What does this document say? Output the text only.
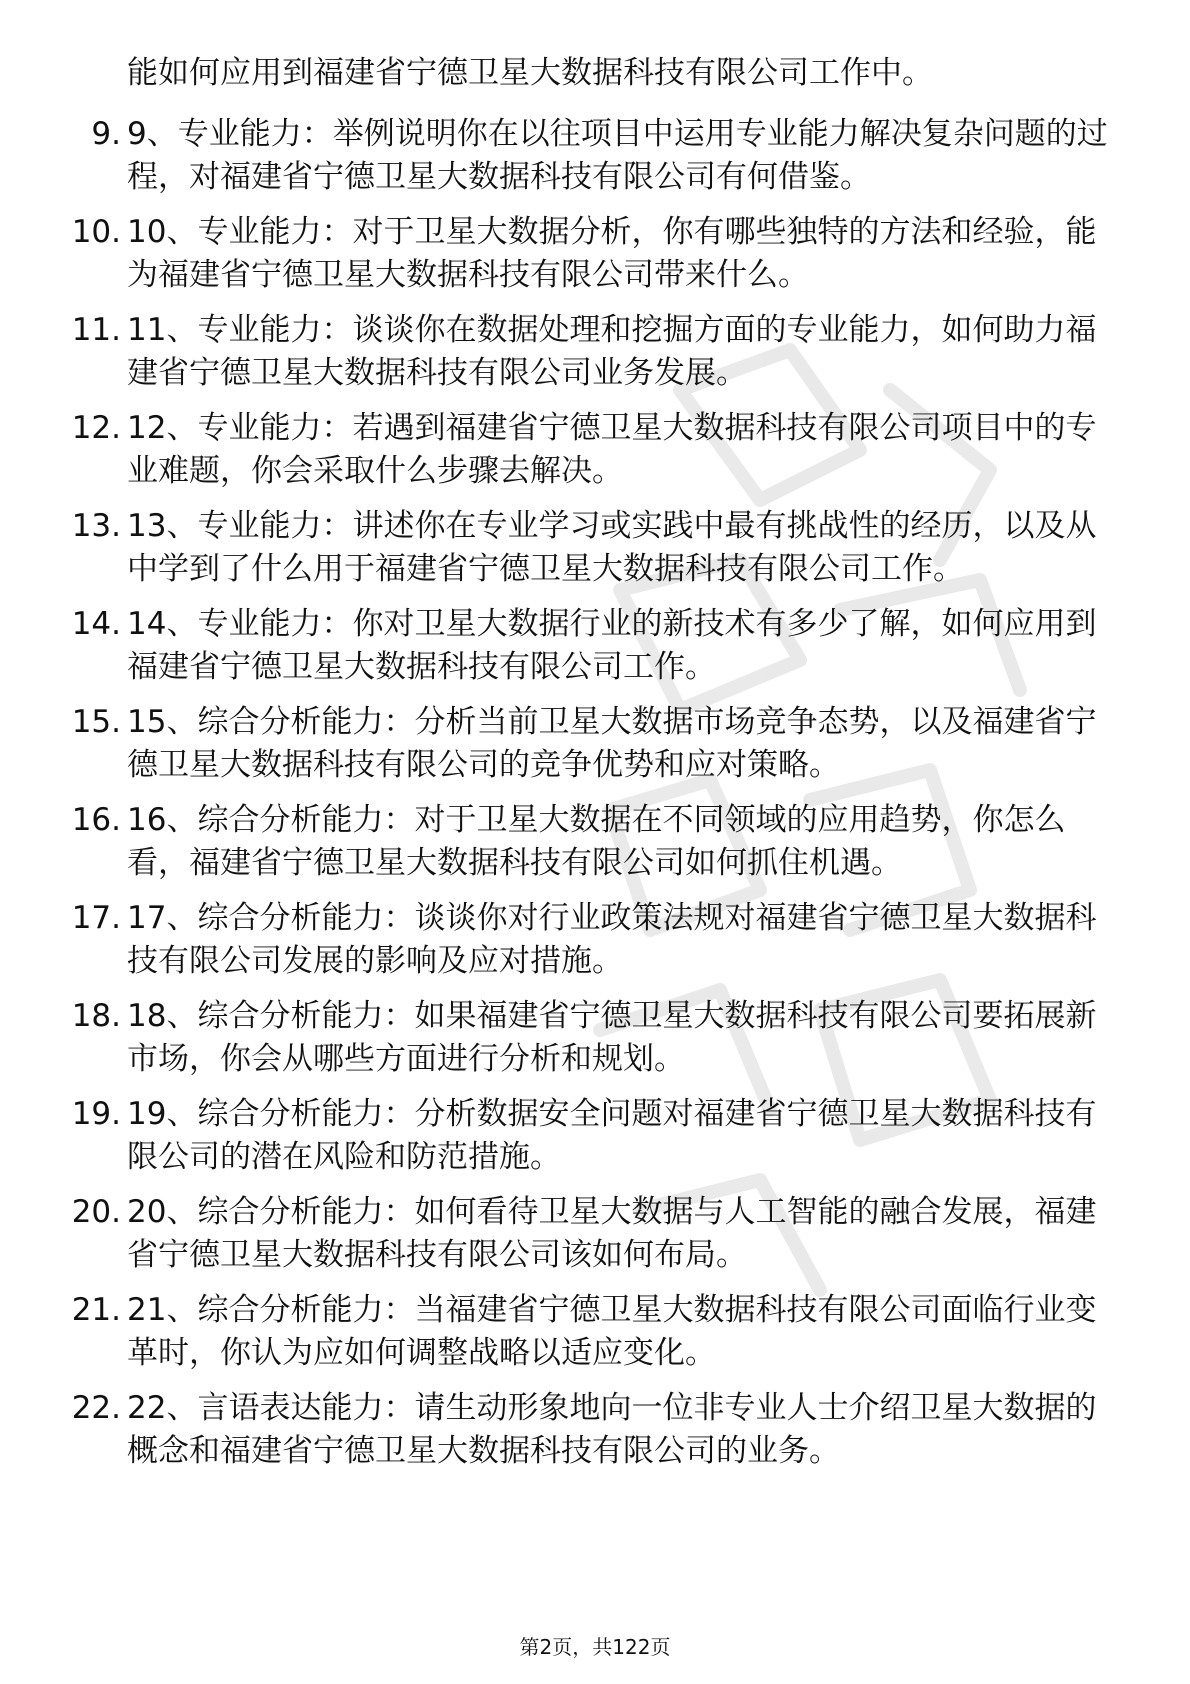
能如何应用到福建省宁德卫星大数据科技有限公司工作中。
9. 9、专业能力：举例说明你在以往项目中运用专业能力解决复杂问题的过程，对福建省宁德卫星大数据科技有限公司有何借鉴。
10. 10、专业能力：对于卫星大数据分析，你有哪些独特的方法和经验，能为福建省宁德卫星大数据科技有限公司带来什么。
11. 11、专业能力：谈谈你在数据处理和挖掘方面的专业能力，如何助力福建省宁德卫星大数据科技有限公司业务发展。
12. 12、专业能力：若遇到福建省宁德卫星大数据科技有限公司项目中的专业难题，你会采取什么步骤去解决。
13. 13、专业能力：讲述你在专业学习或实践中最有挑战性的经历，以及从中学到了什么用于福建省宁德卫星大数据科技有限公司工作。
14. 14、专业能力：你对卫星大数据行业的新技术有多少了解，如何应用到福建省宁德卫星大数据科技有限公司工作。
15. 15、综合分析能力：分析当前卫星大数据市场竞争态势，以及福建省宁德卫星大数据科技有限公司的竞争优势和应对策略。
16. 16、综合分析能力：对于卫星大数据在不同领域的应用趋势，你怎么看，福建省宁德卫星大数据科技有限公司如何抓住机遇。
17. 17、综合分析能力：谈谈你对行业政策法规对福建省宁德卫星大数据科技有限公司发展的影响及应对措施。
18. 18、综合分析能力：如果福建省宁德卫星大数据科技有限公司要拓展新市场，你会从哪些方面进行分析和规划。
19. 19、综合分析能力：分析数据安全问题对福建省宁德卫星大数据科技有限公司的潜在风险和防范措施。
20. 20、综合分析能力：如何看待卫星大数据与人工智能的融合发展，福建省宁德卫星大数据科技有限公司该如何布局。
21. 21、综合分析能力：当福建省宁德卫星大数据科技有限公司面临行业变革时，你认为应如何调整战略以适应变化。
22. 22、言语表达能力：请生动形象地向一位非专业人士介绍卫星大数据的概念和福建省宁德卫星大数据科技有限公司的业务。
第2页，共122页
